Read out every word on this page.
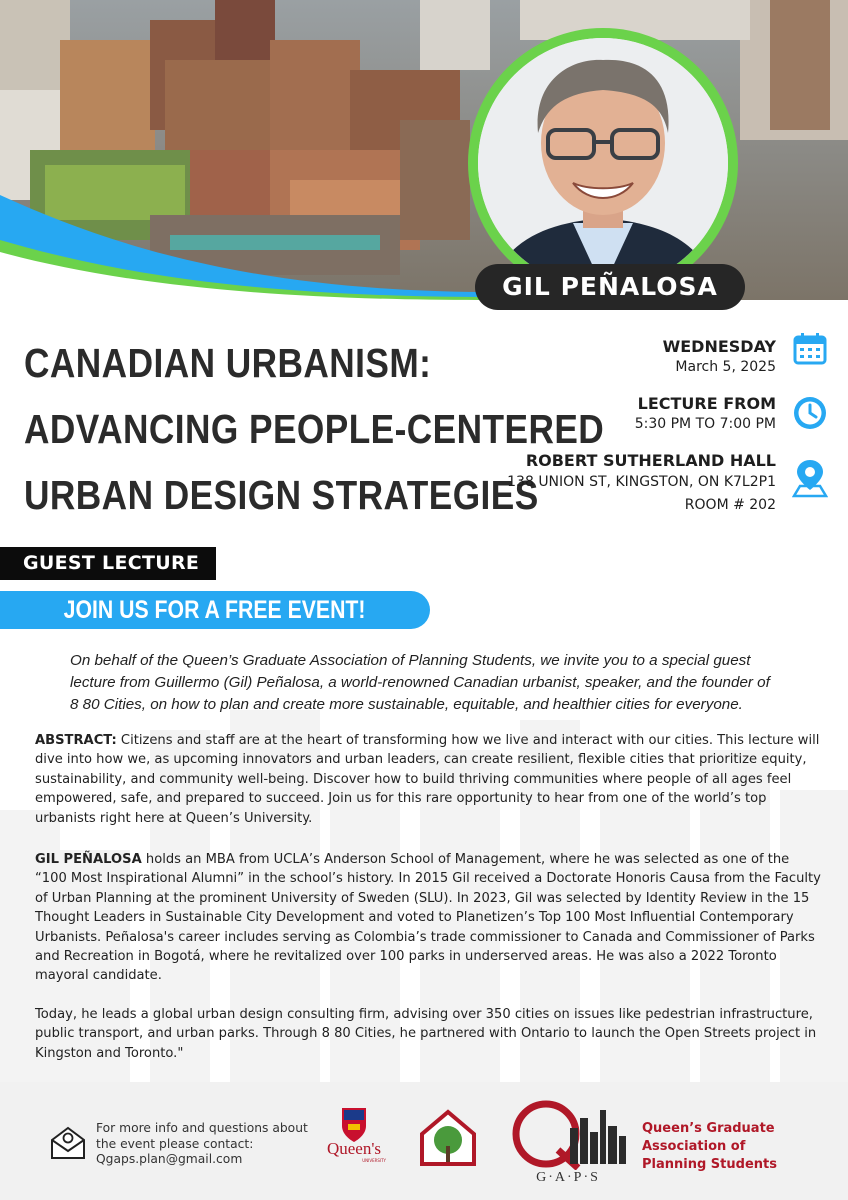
GIL PEÑALOSA
CANADIAN URBANISM:
ADVANCING PEOPLE-CENTERED
URBAN DESIGN STRATEGIES
WEDNESDAY
March 5, 2025
LECTURE FROM
5:30 PM TO 7:00 PM
ROBERT SUTHERLAND HALL
138 UNION ST, KINGSTON, ON K7L2P1
ROOM # 202
GUEST LECTURE
JOIN US FOR A FREE EVENT!
On behalf of the Queen’s Graduate Association of Planning Students, we invite you to a special guest lecture from Guillermo (Gil) Peñalosa, a world-renowned Canadian urbanist, speaker, and the founder of 8 80 Cities, on how to plan and create more sustainable, equitable, and healthier cities for everyone.
ABSTRACT: Citizens and staff are at the heart of transforming how we live and interact with our cities. This lecture will dive into how we, as upcoming innovators and urban leaders, can create resilient, flexible cities that prioritize equity, sustainability, and community well-being. Discover how to build thriving communities where people of all ages feel empowered, safe, and prepared to succeed. Join us for this rare opportunity to hear from one of the world’s top urbanists right here at Queen’s University.
GIL PEÑALOSA holds an MBA from UCLA’s Anderson School of Management, where he was selected as one of the “100 Most Inspirational Alumni” in the school’s history. In 2015 Gil received a Doctorate Honoris Causa from the Faculty of Urban Planning at the prominent University of Sweden (SLU). In 2023, Gil was selected by Identity Review in the 15 Thought Leaders in Sustainable City Development and voted to Planetizen’s Top 100 Most Influential Contemporary Urbanists. Peñalosa's career includes serving as Colombia’s trade commissioner to Canada and Commissioner of Parks and Recreation in Bogotá, where he revitalized over 100 parks in underserved areas. He was also a 2022 Toronto mayoral candidate.
Today, he leads a global urban design consulting firm, advising over 350 cities on issues like pedestrian infrastructure, public transport, and urban parks. Through 8 80 Cities, he partnered with Ontario to launch the Open Streets project in Kingston and Toronto."
For more info and questions about
the event please contact:
Qgaps.plan@gmail.com
Queen's
UNIVERSITY
G·A·P·S
Queen’s Graduate
Association of
Planning Students
